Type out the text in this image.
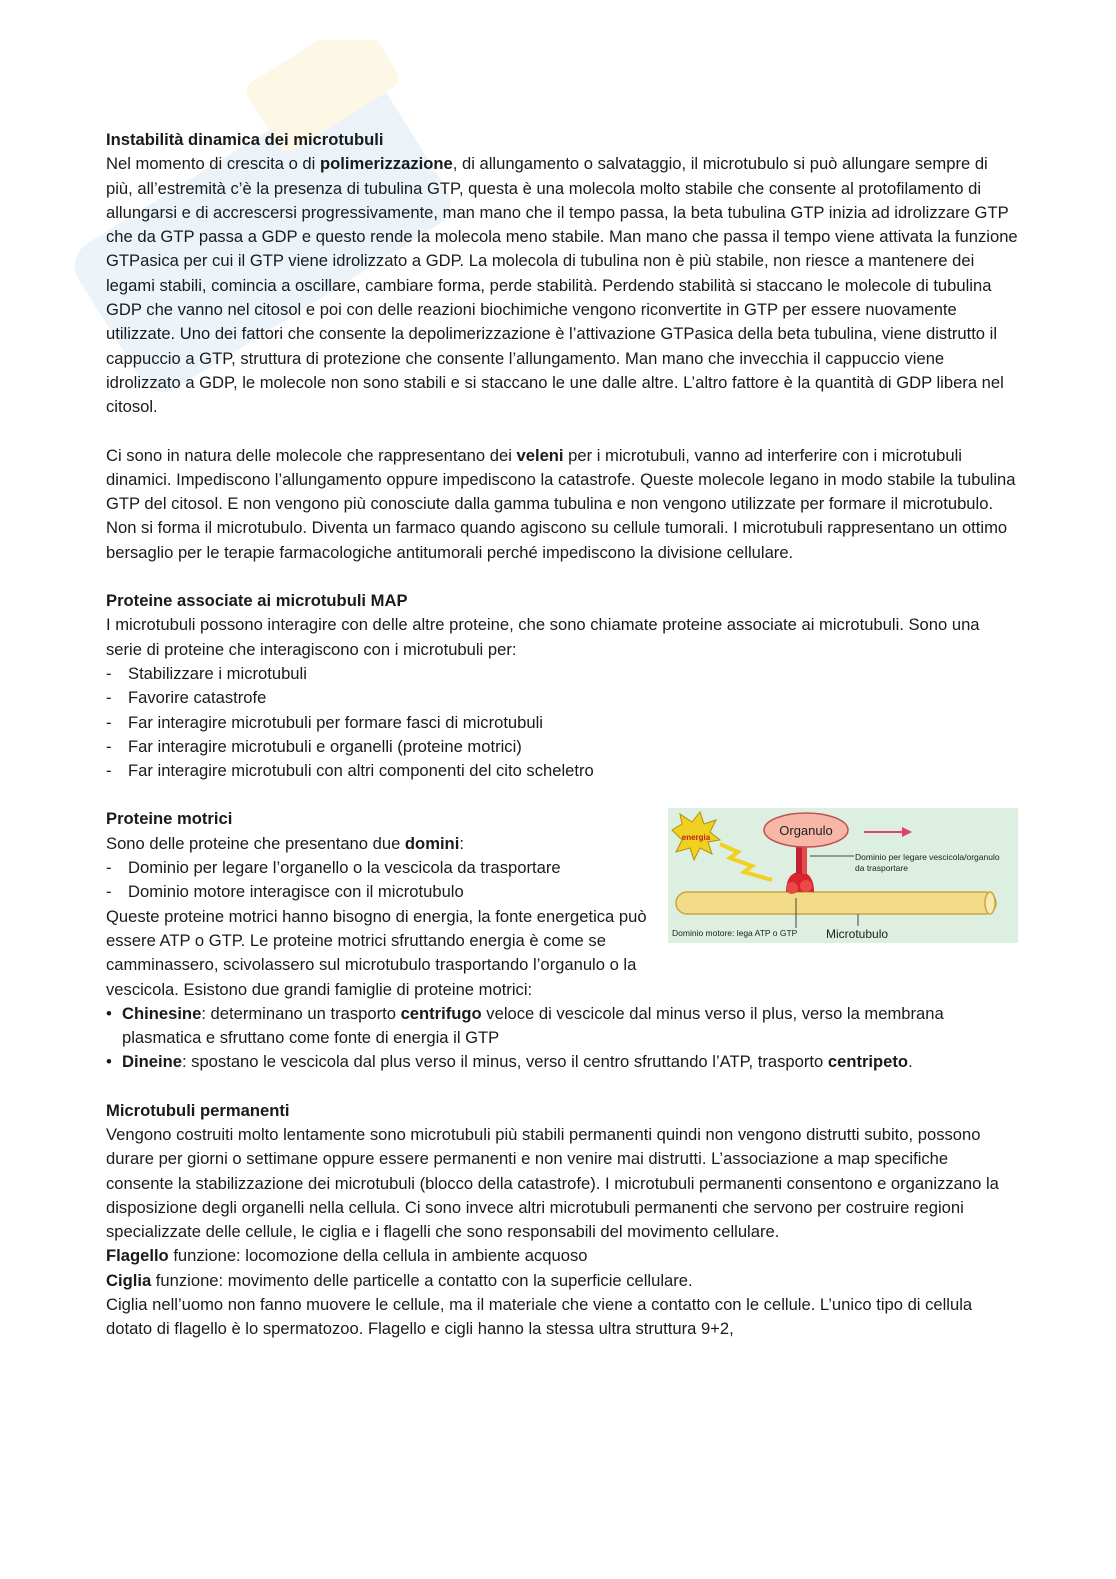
Instabilità dinamica dei microtubuli

Nel momento di crescita o di polimerizzazione, di allungamento o salvataggio, il microtubulo si può allungare sempre di più, all’estremità c’è la presenza di tubulina GTP, questa è una molecola molto stabile che consente al protofilamento di allungarsi e di accrescersi progressivamente, man mano che il tempo passa, la beta tubulina GTP inizia ad idrolizzare GTP che da GTP passa a GDP e questo rende la molecola meno stabile. Man mano che passa il tempo viene attivata la funzione GTPasica per cui il GTP viene idrolizzato a GDP. La molecola di tubulina non è più stabile, non riesce a mantenere dei legami stabili, comincia a oscillare, cambiare forma, perde stabilità. Perdendo stabilità si staccano le molecole di tubulina GDP che vanno nel citosol e poi con delle reazioni biochimiche vengono riconvertite in GTP per essere nuovamente utilizzate. Uno dei fattori che consente la depolimerizzazione è l’attivazione GTPasica della beta tubulina, viene distrutto il cappuccio a GTP, struttura di protezione che consente l’allungamento. Man mano che invecchia il cappuccio viene idrolizzato a GDP, le molecole non sono stabili e si staccano le une dalle altre. L’altro fattore è la quantità di GDP libera nel citosol.

Ci sono in natura delle molecole che rappresentano dei veleni per i microtubuli, vanno ad interferire con i microtubuli dinamici. Impediscono l’allungamento oppure impediscono la catastrofe. Queste molecole legano in modo stabile la tubulina GTP del citosol. E non vengono più conosciute dalla gamma tubulina e non vengono utilizzate per formare il microtubulo. Non si forma il microtubulo. Diventa un farmaco quando agiscono su cellule tumorali. I microtubuli rappresentano un ottimo bersaglio per le terapie farmacologiche antitumorali perché impediscono la divisione cellulare.

Proteine associate ai microtubuli MAP

I microtubuli possono interagire con delle altre proteine, che sono chiamate proteine associate ai microtubuli. Sono una serie di proteine che interagiscono con i microtubuli per:

- Stabilizzare i microtubuli
- Favorire catastrofe
- Far interagire microtubuli per formare fasci di microtubuli
- Far interagire microtubuli e organelli (proteine motrici)
- Far interagire microtubuli con altri componenti del cito scheletro

Proteine motrici

Organulo
energia
Dominio per legare vescicola/organulo
da trasportare
Dominio motore: lega ATP o GTP Microtubulo

Sono delle proteine che presentano due domini:

- Dominio per legare l’organello o la vescicola da trasportare
- Dominio motore interagisce con il microtubulo

Queste proteine motrici hanno bisogno di energia, la fonte energetica può essere ATP o GTP. Le proteine motrici sfruttando energia è come se camminassero, scivolassero sul microtubulo trasportando l’organulo o la vescicola. Esistono due grandi famiglie di proteine motrici:

• Chinesine: determinano un trasporto centrifugo veloce di vescicole dal minus verso il plus, verso la membrana plasmatica e sfruttano come fonte di energia il GTP
• Dineine: spostano le vescicola dal plus verso il minus, verso il centro sfruttando l’ATP, trasporto centripeto.

Microtubuli permanenti

Vengono costruiti molto lentamente sono microtubuli più stabili permanenti quindi non vengono distrutti subito, possono durare per giorni o settimane oppure essere permanenti e non venire mai distrutti. L’associazione a map specifiche consente la stabilizzazione dei microtubuli (blocco della catastrofe). I microtubuli permanenti consentono e organizzano la disposizione degli organelli nella cellula. Ci sono invece altri microtubuli permanenti che servono per costruire regioni specializzate delle cellule, le ciglia e i flagelli che sono responsabili del movimento cellulare.

Flagello funzione: locomozione della cellula in ambiente acquoso

Ciglia funzione: movimento delle particelle a contatto con la superficie cellulare.

Ciglia nell’uomo non fanno muovere le cellule, ma il materiale che viene a contatto con le cellule. L’unico tipo di cellula dotato di flagello è lo spermatozoo. Flagello e cigli hanno la stessa ultra struttura 9+2,
